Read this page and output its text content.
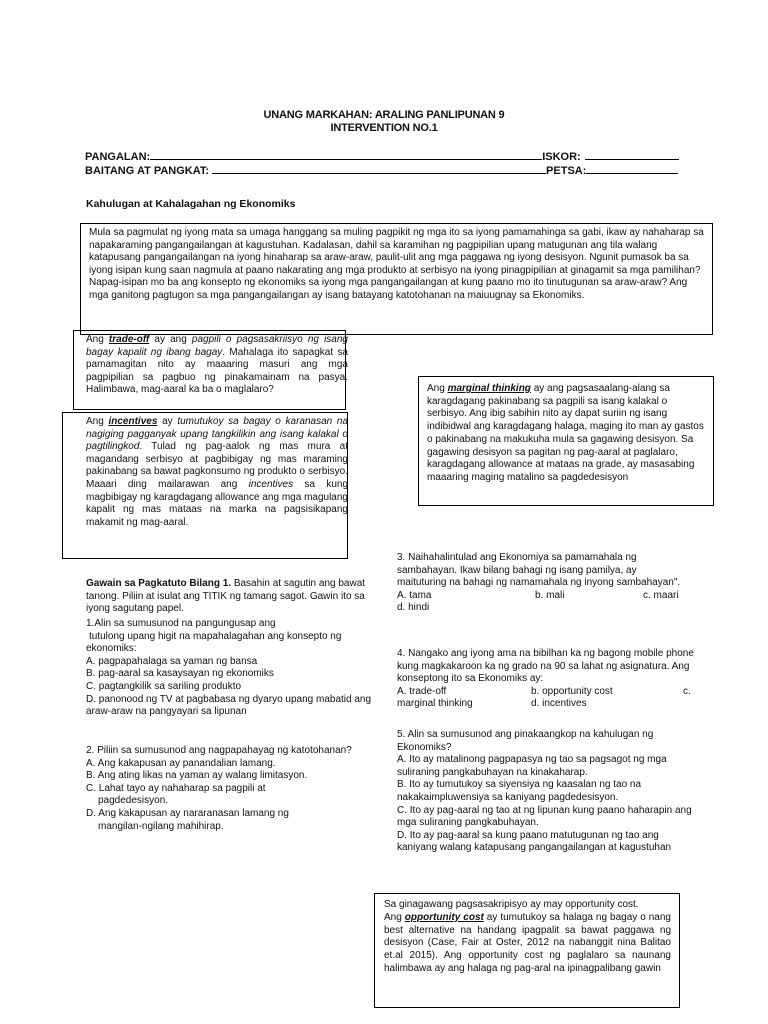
UNANG MARKAHAN: ARALING PANLIPUNAN 9
INTERVENTION NO.1
PANGALAN:	ISKOR:
BAITANG AT PANGKAT:	PETSA:
Kahulugan at Kahalagahan ng Ekonomiks
Mula sa pagmulat ng iyong mata sa umaga hanggang sa muling pagpikit ng mga ito sa iyong pamamahinga sa gabi, ikaw ay nahaharap sa napakaraming pangangailangan at kagustuhan. Kadalasan, dahil sa karamihan ng pagpipilian upang matugunan ang tila walang katapusang pangangailangan na iyong hinaharap sa araw-araw, paulit-ulit ang mga paggawa ng iyong desisyon. Ngunit pumasok ba sa iyong isipan kung saan nagmula at paano nakarating ang mga produkto at serbisyo na iyong pinagpipilian at ginagamit sa mga pamilihan? Napag-isipan mo ba ang konsepto ng ekonomiks sa iyong mga pangangailangan at kung paano mo ito tinutugunan sa araw-araw? Ang mga ganitong pagtugon sa mga pangangailangan ay isang batayang katotohanan na maiuugnay sa Ekonomiks.
Ang trade-off ay ang pagpili o pagsasakriisyo ng isang bagay kapalit ng ibang bagay. Mahalaga ito sapagkat sa pamamagitan nito ay maaaring masuri ang mga pagpipilian sa pagbuo ng pinakamainam na pasya. Halimbawa, mag-aaral ka ba o maglalaro?
Ang incentives ay tumutukoy sa bagay o karanasan na nagiging pagganyak upang tangkilikin ang isang kalakal o pagtilingkod. Tulad ng pag-aalok ng mas mura at magandang serbisyo at pagbibigay ng mas maraming pakinabang sa bawat pagkonsumo ng produkto o serbisyo. Maaari ding mailarawan ang incentives sa kung magbibigay ng karagdagang allowance ang mga magulang kapalit ng mas mataas na marka na pagsisikapang makamit ng mag-aaral.
Ang marginal thinking ay ang pagsasaalang-alang sa karagdagang pakinabang sa pagpili sa isang kalakal o serbisyo. Ang ibig sabihin nito ay dapat suriin ng isang indibidwal ang karagdagang halaga, maging ito man ay gastos o pakinabang na makukuha mula sa gagawing desisyon. Sa gagawing desisyon sa pagitan ng pag-aaral at paglalaro, karagdagang allowance at mataas na grade, ay masasabing maaaring maging matalino sa pagdedesisyon
Gawain sa Pagkatuto Bilang 1. Basahin at sagutin ang bawat tanong. Piliin at isulat ang TITIK ng tamang sagot. Gawin ito sa iyong sagutang papel.
1.Alin sa sumusunod na pangungusap ang
tutulong upang higit na mapahalagahan ang konsepto ng ekonomiks:
A. pagpapahalaga sa yaman ng bansa
B. pag-aaral sa kasaysayan ng ekonomiks
C. pagtangkilik sa sariling produkto
D. panonood ng TV at pagbabasa ng dyaryo upang mabatid ang araw-araw na pangyayari sa lipunan
2. Piliin sa sumusunod ang nagpapahayag ng katotohanan?
A. Ang kakapusan ay panandalian lamang.
B. Ang ating likas na yaman ay walang limitasyon.
C. Lahat tayo ay nahaharap sa pagpili at
pagdedesisyon.
D. Ang kakapusan ay nararanasan lamang ng
mangilan-ngilang mahihirap.
3. Naihahalintulad ang Ekonomiya sa pamamahala ng sambahayan. Ikaw bilang bahagi ng isang pamilya, ay maituturing na bahagi ng namamahala ng inyong sambahayan".
A. tama	b. mali	c. maari
d. hindi
4. Nangako ang iyong ama na bibilhan ka ng bagong mobile phone kung magkakaroon ka ng grado na 90 sa lahat ng asignatura. Ang konseptong ito sa Ekonomiks ay:
A. trade-off	b. opportunity cost	c.
marginal thinking	d. incentives
5. Alin sa sumusunod ang pinakaangkop na kahulugan ng Ekonomiks?
A. Ito ay matalinong pagpapasya ng tao sa pagsagot ng mga suliraning pangkabuhayan na kinakaharap.
B. Ito ay tumutukoy sa siyensiya ng kaasalan ng tao na nakakaimpluwensiya sa kaniyang pagdedesisyon.
C. Ito ay pag-aaral ng tao at ng lipunan kung paano haharapin ang mga suliraning pangkabuhayan.
D. Ito ay pag-aaral sa kung paano matutugunan ng tao ang kaniyang walang katapusang pangangailangan at kagustuhan
Sa ginagawang pagsasakripisyo ay may opportunity cost.
Ang opportunity cost ay tumutukoy sa halaga ng bagay o nang best alternative na handang ipagpalit sa bawat paggawa ng desisyon (Case, Fair at Oster, 2012 na nabanggit nina Balitao et.al 2015). Ang opportunity cost ng paglalaro sa naunang halimbawa ay ang halaga ng pag-aral na ipinagpalibang gawin
